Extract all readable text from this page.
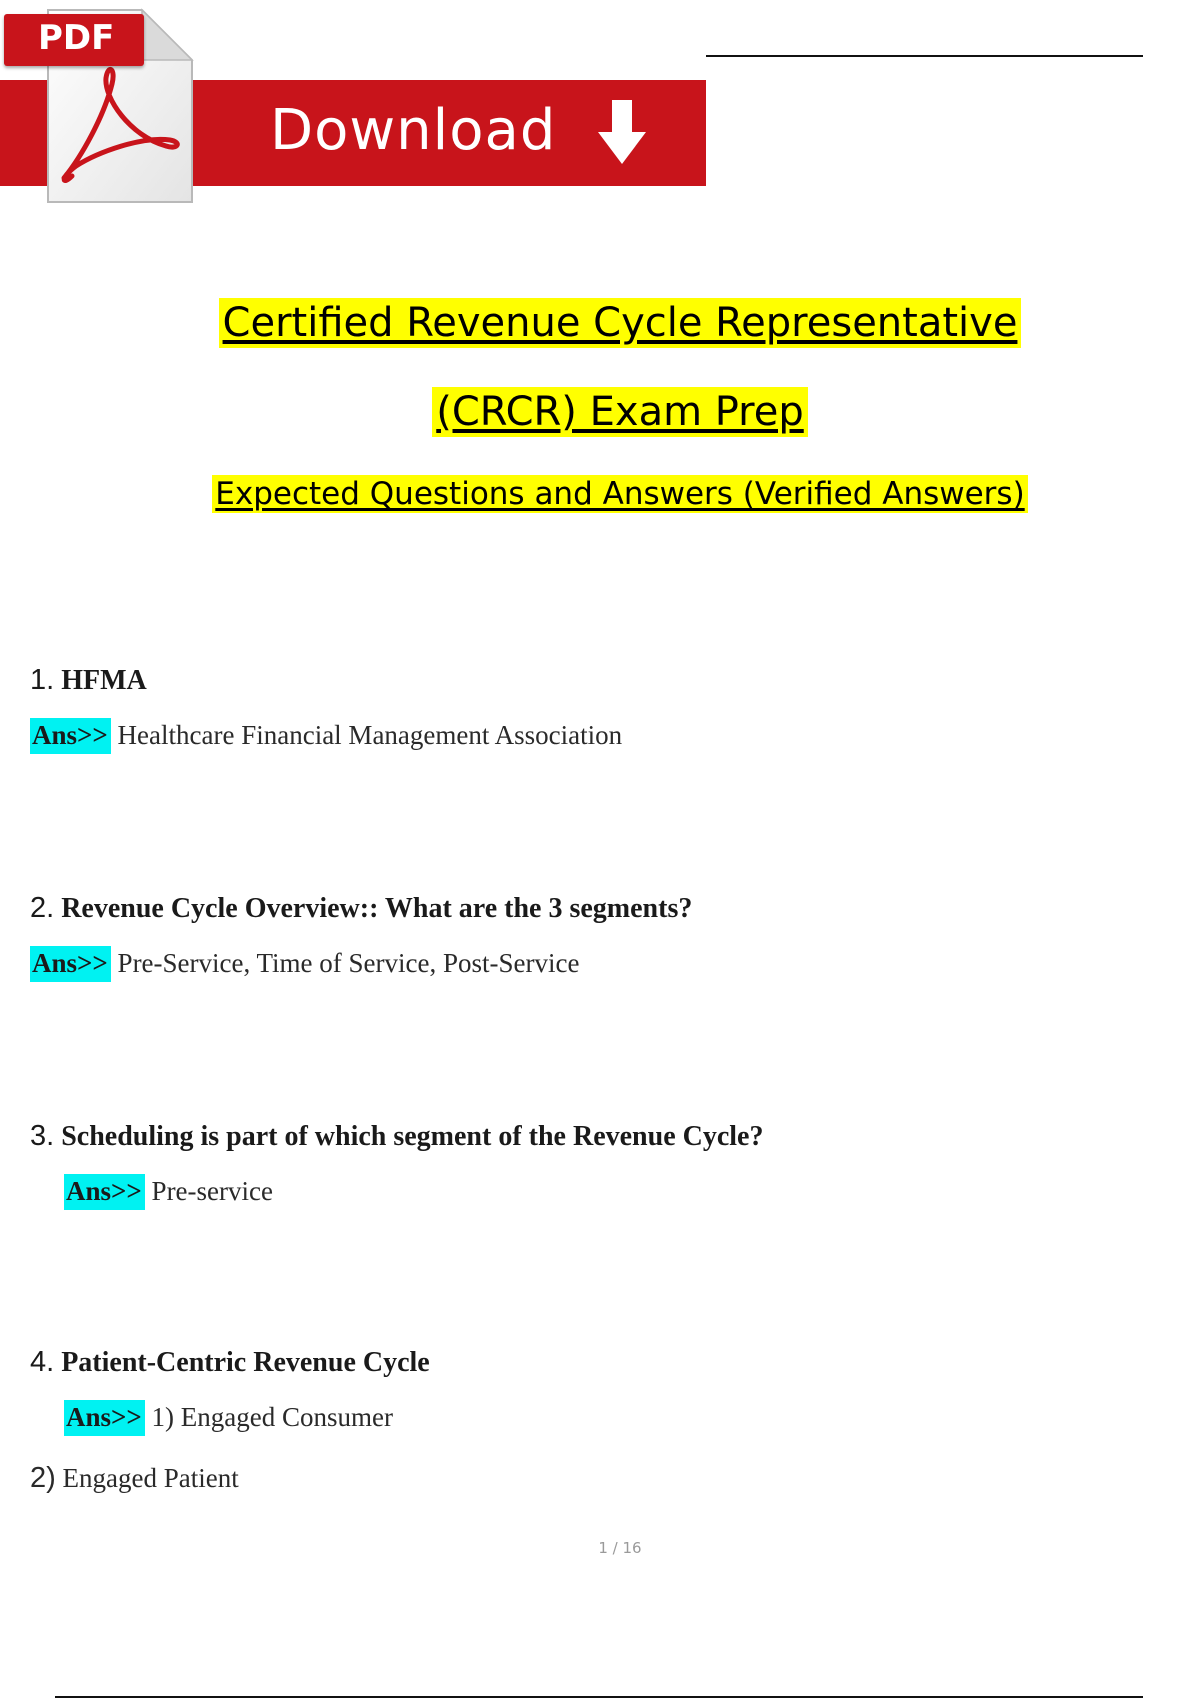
Download
PDF
Certified Revenue Cycle Representative
(CRCR) Exam Prep
Expected Questions and Answers (Verified Answers)
1. HFMA
Ans>> Healthcare Financial Management Association
2. Revenue Cycle Overview:: What are the 3 segments?
Ans>> Pre-Service, Time of Service, Post-Service
3. Scheduling is part of which segment of the Revenue Cycle?
Ans>> Pre-service
4. Patient-Centric Revenue Cycle
Ans>> 1) Engaged Consumer
2) Engaged Patient
1 / 16
